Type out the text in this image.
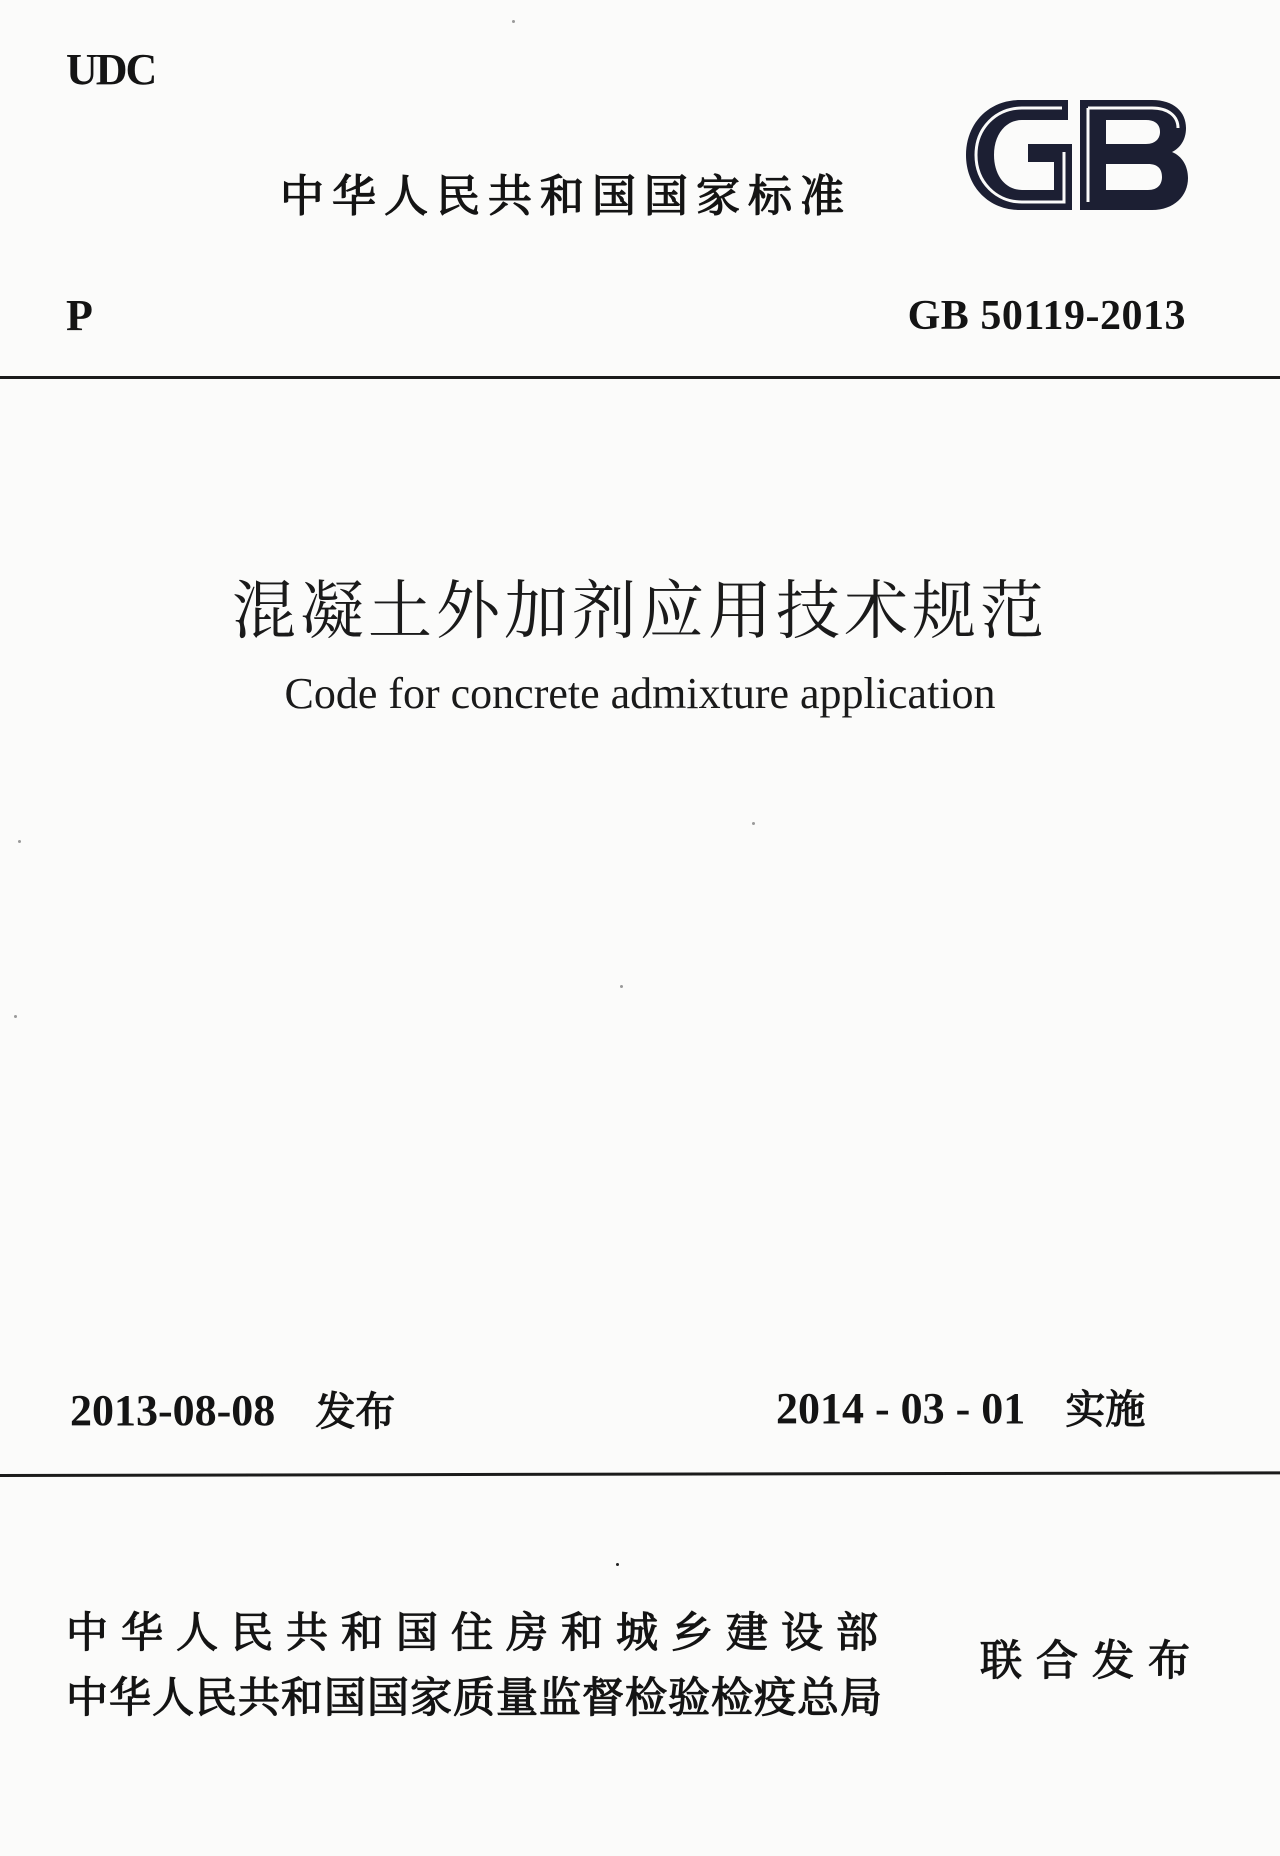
UDC
中华人民共和国国家标准
P	GB 50119-2013
混凝土外加剂应用技术规范
Code for concrete admixture application
2013-08-08 发布	2014 - 03 - 01 实施
中华人民共和国住房和城乡建设部
中华人民共和国国家质量监督检验检疫总局
联合发布
